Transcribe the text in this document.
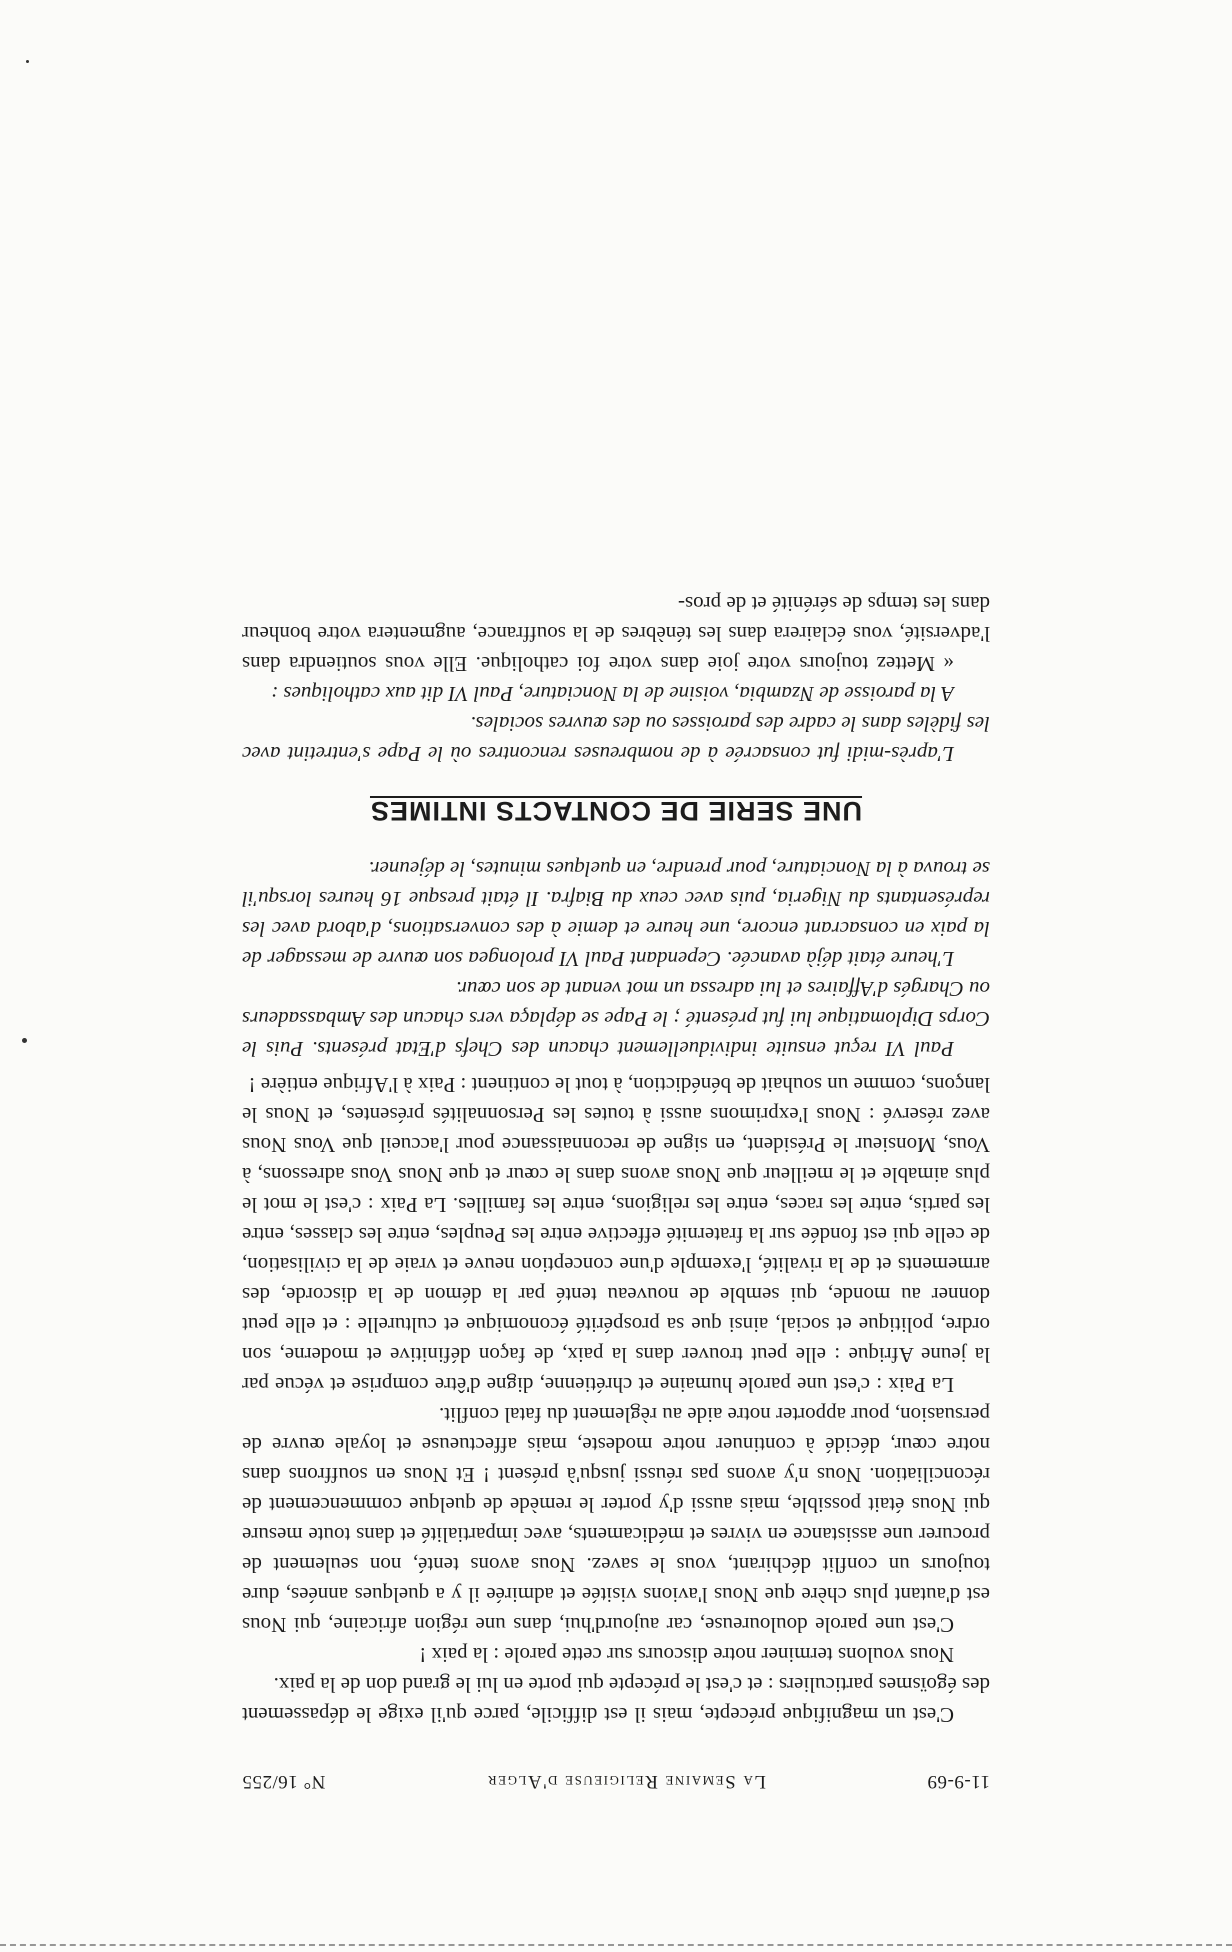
11-9-69
La Semaine Religieuse d'Alger
N° 16/255

C'est un magnifique précepte, mais il est difficile, parce qu'il exige le dépassement des égoïsmes particuliers : et c'est le précepte qui porte en lui le grand don de la paix.

Nous voulons terminer notre discours sur cette parole : la paix !

C'est une parole douloureuse, car aujourd'hui, dans une région africaine, qui Nous est d'autant plus chère que Nous l'avions visitée et admirée il y a quelques années, dure toujours un conflit déchirant, vous le savez. Nous avons tenté, non seulement de procurer une assistance en vivres et médicaments, avec impartialité et dans toute mesure qui Nous était possible, mais aussi d'y porter le remède de quelque commencement de réconciliation. Nous n'y avons pas réussi jusqu'à présent ! Et Nous en souffrons dans notre cœur, décidé à continuer notre modeste, mais affectueuse et loyale œuvre de persuasion, pour apporter notre aide au règlement du fatal conflit.

La Paix : c'est une parole humaine et chrétienne, digne d'être comprise et vécue par la jeune Afrique : elle peut trouver dans la paix, de façon définitive et moderne, son ordre, politique et social, ainsi que sa prospérité économique et culturelle : et elle peut donner au monde, qui semble de nouveau tenté par la démon de la discorde, des armements et de la rivalité, l'exemple d'une conception neuve et vraie de la civilisation, de celle qui est fondée sur la fraternité effective entre les Peuples, entre les classes, entre les partis, entre les races, entre les religions, entre les familles. La Paix : c'est le mot le plus aimable et le meilleur que Nous avons dans le cœur et que Nous Vous adressons, à Vous, Monsieur le Président, en signe de reconnaissance pour l'accueil que Vous Nous avez réservé : Nous l'exprimons aussi à toutes les Personnalités présentes, et Nous le lançons, comme un souhait de bénédiction, à tout le continent : Paix à l'Afrique entière !

Paul VI reçut ensuite individuellement chacun des Chefs d'Etat présents. Puis le Corps Diplomatique lui fut présenté ; le Pape se déplaça vers chacun des Ambassadeurs ou Chargés d'Affaires et lui adressa un mot venant de son cœur.

L'heure était déjà avancée. Cependant Paul VI prolongea son œuvre de messager de la paix en consacrant encore, une heure et demie à des conversations, d'abord avec les représentants du Nigeria, puis avec ceux du Biafra. Il était presque 16 heures lorsqu'il se trouva à la Nonciature, pour prendre, en quelques minutes, le déjeuner.

UNE SERIE DE CONTACTS INTIMES

L'après-midi fut consacrée à de nombreuses rencontres où le Pape s'entretint avec les fidèles dans le cadre des paroisses ou des œuvres sociales.

A la paroisse de Nzambia, voisine de la Nonciature, Paul VI dit aux catholiques :

« Mettez toujours votre joie dans votre foi catholique. Elle vous soutiendra dans l'adversité, vous éclairera dans les ténèbres de la souffrance, augmentera votre bonheur dans les temps de sérénité et de pros-
